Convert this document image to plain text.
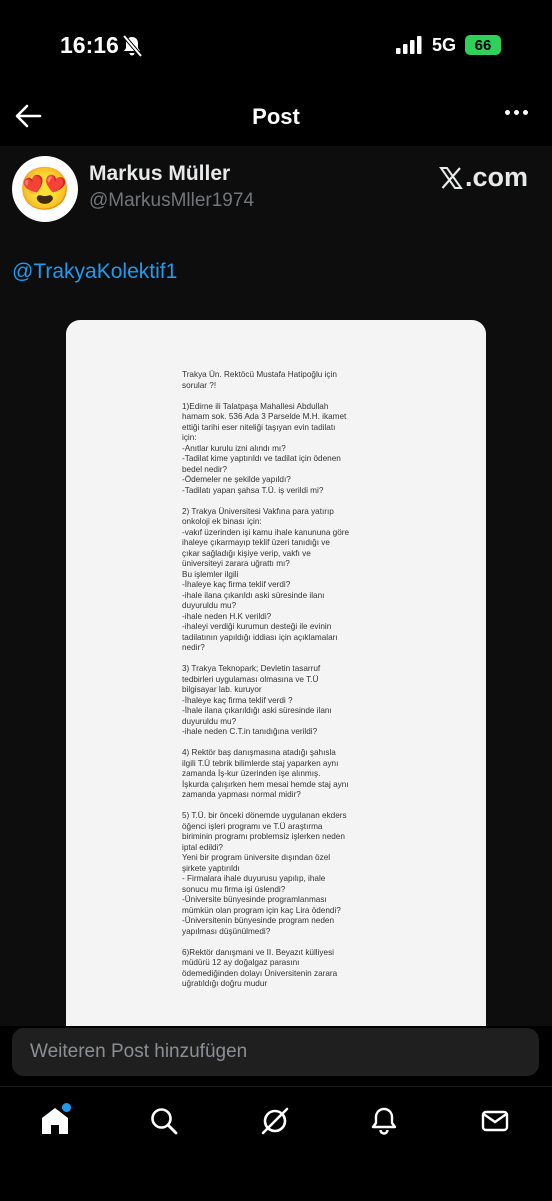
16:16	5G 66
Post
😍 Markus Müller
@MarkusMller1974
.com
@TrakyaKolektif1
Trakya Ün. Rektöcü Mustafa Hatipoğlu için
sorular ?!

1)Edirne ili Talatpaşa Mahallesi Abdullah
hamam sok. 536 Ada 3 Parselde M.H. ikamet
ettiği tarihi eser niteliği taşıyan evin tadilatı
için:
-Anıtlar kurulu izni alındı mı?
-Tadilat kime yaptırıldı ve tadilat için ödenen
bedel nedir?
-Ödemeler ne şekilde yapıldı?
-Tadilatı yapan şahsa T.Ü. iş verildi mi?

2) Trakya Üniversitesi Vakfına para yatırıp
onkoloji ek binası için:
-vakıf üzerinden işi kamu ihale kanununa göre
ihaleye çıkarmayıp teklif üzeri tanıdığı ve
çıkar sağladığı kişiye verip, vakfı ve
üniversiteyi zarara uğrattı mı?
Bu işlemler ilgili
-İhaleye kaç firma teklif verdi?
-ihale ilana çıkarıldı aski süresinde ilanı
duyuruldu mu?
-ihale neden H.K verildi?
-ihaleyi verdiği kurumun desteği ile evinin
tadilatının yapıldığı iddiası için açıklamaları
nedir?

3) Trakya Teknopark; Devletin tasarruf
tedbirleri uygulaması olmasına ve T.Ü
bilgisayar lab. kuruyor
-İhaleye kaç firma teklif verdi ?
-İhale ilana çıkarıldığı aski süresinde ilanı
duyuruldu mu?
-ihale neden C.T.in tanıdığına verildi?

4) Rektör baş danışmasına atadığı şahısla
ilgili T.Ü tebrik bilimlerde staj yaparken aynı
zamanda İş-kur üzerinden işe alınmış.
İşkurda çalışırken hem mesai hemde staj aynı
zamanda yapması normal midir?

5) T.Ü. bir önceki dönemde uygulanan ekders
öğenci işleri programı ve T.Ü araştırma
biriminin programı problemsiz işlerken neden
iptal edildi?
Yeni bir program üniversite dışından özel
şirkete yaptırıldı
- Firmalara ihale duyurusu yapılıp, ihale
sonucu mu firma işi üslendi?
-Üniversite bünyesinde programlanması
mümkün olan program için kaç Lira ödendi?
-Üniversitenin bünyesinde program neden
yapılması düşünülmedi?

6)Rektör danışmani ve II. Beyazıt külliyesi
müdürü 12 ay doğalgaz parasını
ödemediğinden dolayı Üniversitenin zarara
uğratıldığı doğru mudur
Weiteren Post hinzufügen
